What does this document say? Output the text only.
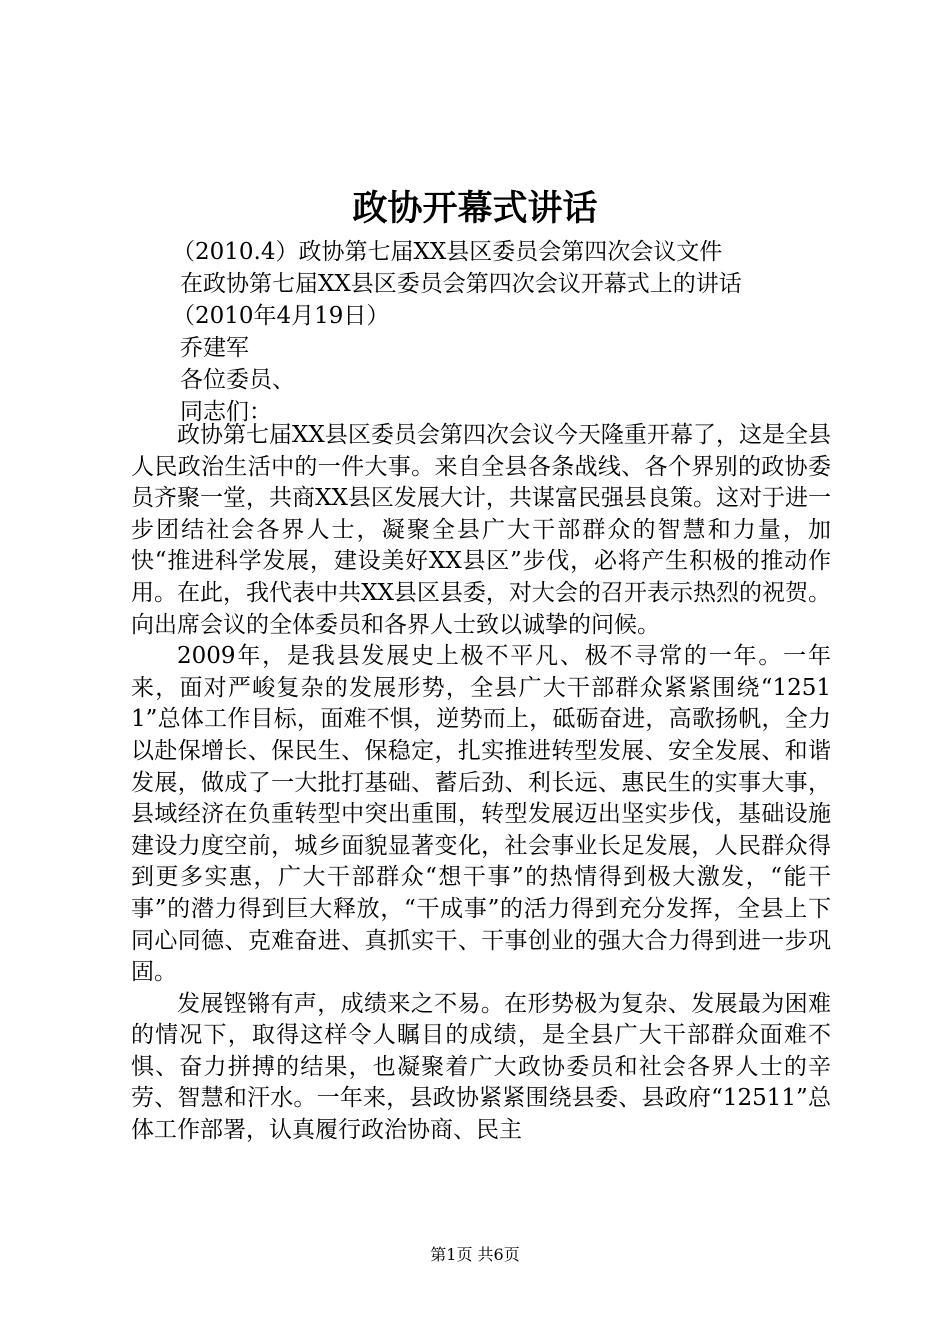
政协开幕式讲话

（2010.4）政协第七届XX县区委员会第四次会议文件

在政协第七届XX县区委员会第四次会议开幕式上的讲话

（2010年4月19日）

乔建军

各位委员、

同志们：

政协第七届XX县区委员会第四次会议今天隆重开幕了，这是全县人民政治生活中的一件大事。来自全县各条战线、各个界别的政协委员齐聚一堂，共商XX县区发展大计，共谋富民强县良策。这对于进一步团结社会各界人士，凝聚全县广大干部群众的智慧和力量，加快“推进科学发展，建设美好XX县区”步伐，必将产生积极的推动作用。在此，我代表中共XX县区县委，对大会的召开表示热烈的祝贺。向出席会议的全体委员和各界人士致以诚挚的问候。

2009年，是我县发展史上极不平凡、极不寻常的一年。一年来，面对严峻复杂的发展形势，全县广大干部群众紧紧围绕“12511”总体工作目标，面难不惧，逆势而上，砥砺奋进，高歌扬帆，全力以赴保增长、保民生、保稳定，扎实推进转型发展、安全发展、和谐发展，做成了一大批打基础、蓄后劲、利长远、惠民生的实事大事，县域经济在负重转型中突出重围，转型发展迈出坚实步伐，基础设施建设力度空前，城乡面貌显著变化，社会事业长足发展，人民群众得到更多实惠，广大干部群众“想干事”的热情得到极大激发，“能干事”的潜力得到巨大释放，“干成事”的活力得到充分发挥，全县上下同心同德、克难奋进、真抓实干、干事创业的强大合力得到进一步巩固。

发展铿锵有声，成绩来之不易。在形势极为复杂、发展最为困难的情况下，取得这样令人瞩目的成绩，是全县广大干部群众面难不惧、奋力拼搏的结果，也凝聚着广大政协委员和社会各界人士的辛劳、智慧和汗水。一年来，县政协紧紧围绕县委、县政府“12511”总体工作部署，认真履行政治协商、民主

第1页 共6页
